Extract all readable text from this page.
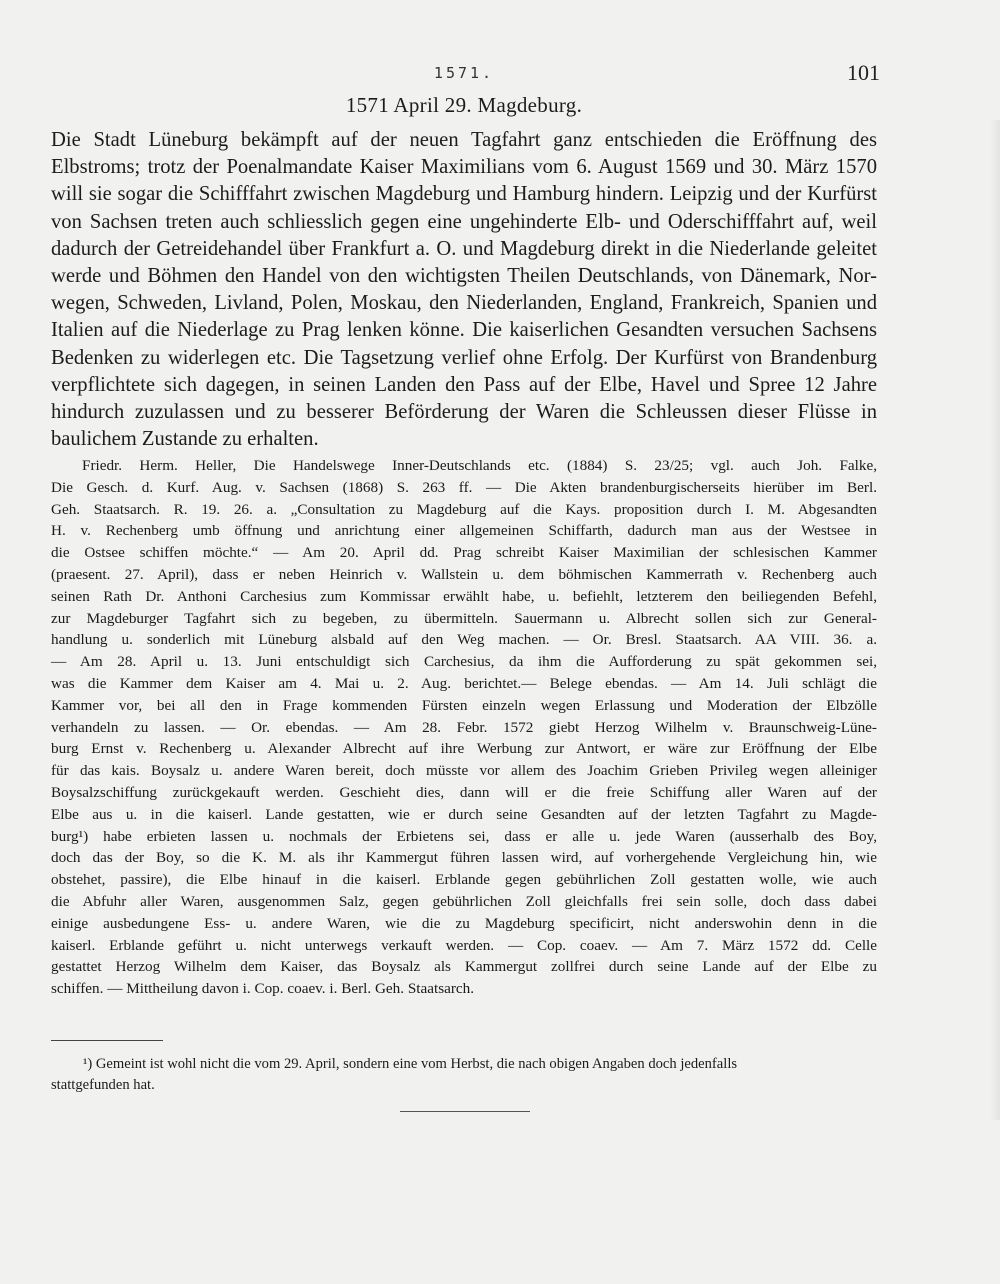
1571.	101
1571 April 29. Magdeburg.
Die Stadt Lüneburg bekämpft auf der neuen Tagfahrt ganz entschieden die Eröffnung des
Elbstroms; trotz der Poenalmandate Kaiser Maximilians vom 6. August 1569 und 30. März 1570
will sie sogar die Schifffahrt zwischen Magdeburg und Hamburg hindern. Leipzig und der Kurfürst
von Sachsen treten auch schliesslich gegen eine ungehinderte Elb- und Oderschifffahrt auf, weil
dadurch der Getreidehandel über Frankfurt a. O. und Magdeburg direkt in die Niederlande geleitet
werde und Böhmen den Handel von den wichtigsten Theilen Deutschlands, von Dänemark, Nor-
wegen, Schweden, Livland, Polen, Moskau, den Niederlanden, England, Frankreich, Spanien und
Italien auf die Niederlage zu Prag lenken könne. Die kaiserlichen Gesandten versuchen Sachsens
Bedenken zu widerlegen etc. Die Tagsetzung verlief ohne Erfolg. Der Kurfürst von Brandenburg
verpflichtete sich dagegen, in seinen Landen den Pass auf der Elbe, Havel und Spree 12 Jahre
hindurch zuzulassen und zu besserer Beförderung der Waren die Schleussen dieser Flüsse in
baulichem Zustande zu erhalten.
Friedr. Herm. Heller, Die Handelswege Inner-Deutschlands etc. (1884) S. 23/25; vgl. auch Joh. Falke,
Die Gesch. d. Kurf. Aug. v. Sachsen (1868) S. 263 ff. — Die Akten brandenburgischerseits hierüber im Berl.
Geh. Staatsarch. R. 19. 26. a. „Consultation zu Magdeburg auf die Kays. proposition durch I. M. Abgesandten
H. v. Rechenberg umb öffnung und anrichtung einer allgemeinen Schiffarth, dadurch man aus der Westsee in
die Ostsee schiffen möchte.“ — Am 20. April dd. Prag schreibt Kaiser Maximilian der schlesischen Kammer
(praesent. 27. April), dass er neben Heinrich v. Wallstein u. dem böhmischen Kammerrath v. Rechenberg auch
seinen Rath Dr. Anthoni Carchesius zum Kommissar erwählt habe, u. befiehlt, letzterem den beiliegenden Befehl,
zur Magdeburger Tagfahrt sich zu begeben, zu übermitteln. Sauermann u. Albrecht sollen sich zur General-
handlung u. sonderlich mit Lüneburg alsbald auf den Weg machen. — Or. Bresl. Staatsarch. AA VIII. 36. a.
— Am 28. April u. 13. Juni entschuldigt sich Carchesius, da ihm die Aufforderung zu spät gekommen sei,
was die Kammer dem Kaiser am 4. Mai u. 2. Aug. berichtet.— Belege ebendas. — Am 14. Juli schlägt die
Kammer vor, bei all den in Frage kommenden Fürsten einzeln wegen Erlassung und Moderation der Elbzölle
verhandeln zu lassen. — Or. ebendas. — Am 28. Febr. 1572 giebt Herzog Wilhelm v. Braunschweig-Lüne-
burg Ernst v. Rechenberg u. Alexander Albrecht auf ihre Werbung zur Antwort, er wäre zur Eröffnung der Elbe
für das kais. Boysalz u. andere Waren bereit, doch müsste vor allem des Joachim Grieben Privileg wegen alleiniger
Boysalzschiffung zurückgekauft werden. Geschieht dies, dann will er die freie Schiffung aller Waren auf der
Elbe aus u. in die kaiserl. Lande gestatten, wie er durch seine Gesandten auf der letzten Tagfahrt zu Magde-
burg¹) habe erbieten lassen u. nochmals der Erbietens sei, dass er alle u. jede Waren (ausserhalb des Boy,
doch das der Boy, so die K. M. als ihr Kammergut führen lassen wird, auf vorhergehende Vergleichung hin, wie
obstehet, passire), die Elbe hinauf in die kaiserl. Erblande gegen gebührlichen Zoll gestatten wolle, wie auch
die Abfuhr aller Waren, ausgenommen Salz, gegen gebührlichen Zoll gleichfalls frei sein solle, doch dass dabei
einige ausbedungene Ess- u. andere Waren, wie die zu Magdeburg specificirt, nicht anderswohin denn in die
kaiserl. Erblande geführt u. nicht unterwegs verkauft werden. — Cop. coaev. — Am 7. März 1572 dd. Celle
gestattet Herzog Wilhelm dem Kaiser, das Boysalz als Kammergut zollfrei durch seine Lande auf der Elbe zu
schiffen. — Mittheilung davon i. Cop. coaev. i. Berl. Geh. Staatsarch.
¹) Gemeint ist wohl nicht die vom 29. April, sondern eine vom Herbst, die nach obigen Angaben doch jedenfalls
stattgefunden hat.
